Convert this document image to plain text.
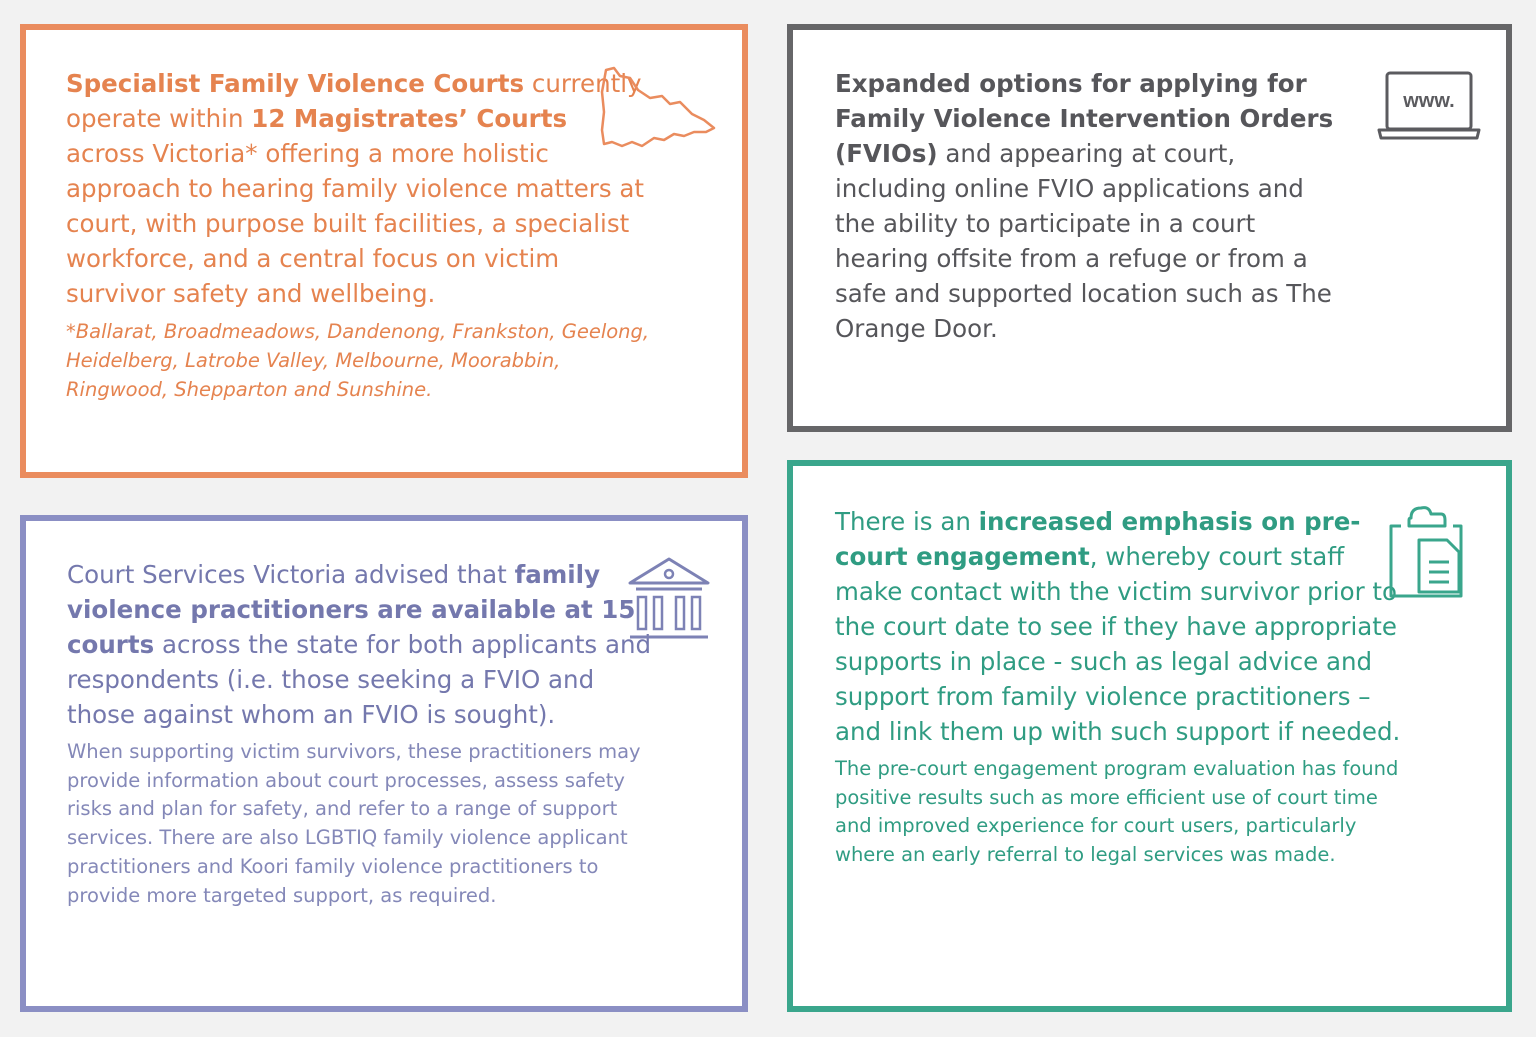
Specialist Family Violence Courts currently operate within 12 Magistrates’ Courts across Victoria* offering a more holistic approach to hearing family violence matters at court, with purpose built facilities, a specialist workforce, and a central focus on victim survivor safety and wellbeing.

*Ballarat, Broadmeadows, Dandenong, Frankston, Geelong, Heidelberg, Latrobe Valley, Melbourne, Moorabbin, Ringwood, Shepparton and Sunshine.

Expanded options for applying for Family Violence Intervention Orders (FVIOs) and appearing at court, including online FVIO applications and the ability to participate in a court hearing offsite from a refuge or from a safe and supported location such as The Orange Door.

www.

Court Services Victoria advised that family violence practitioners are available at 15 courts across the state for both applicants and respondents (i.e. those seeking a FVIO and those against whom an FVIO is sought).

When supporting victim survivors, these practitioners may provide information about court processes, assess safety risks and plan for safety, and refer to a range of support services. There are also LGBTIQ family violence applicant practitioners and Koori family violence practitioners to provide more targeted support, as required.

There is an increased emphasis on pre-court engagement, whereby court staff make contact with the victim survivor prior to the court date to see if they have appropriate supports in place - such as legal advice and support from family violence practitioners – and link them up with such support if needed.

The pre-court engagement program evaluation has found positive results such as more efficient use of court time and improved experience for court users, particularly where an early referral to legal services was made.
